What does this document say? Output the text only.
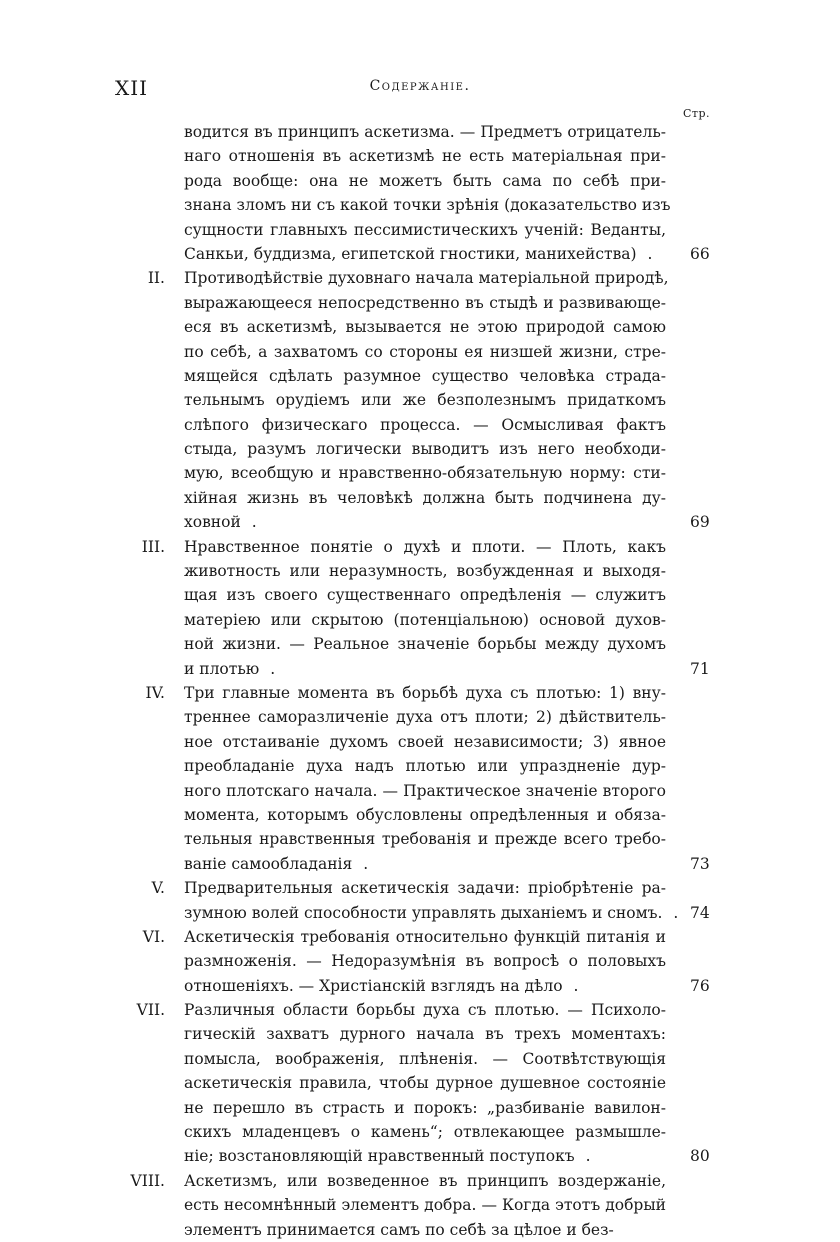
XII	Содержаніе.
Стр.
водится въ принципъ аскетизма. — Предметъ отрицатель-
наго отношенія въ аскетизмѣ не есть матеріальная при-
рода вообще: она не можетъ быть сама по себѣ при-
знана зломъ ни съ какой точки зрѣнія (доказательство изъ
сущности главныхъ пессимистическихъ ученій: Веданты,
Санкьи, буддизма, египетской гностики, манихейства) . 66
II.	Противодѣйствіе духовнаго начала матеріальной природѣ,
выражающееся непосредственно въ стыдѣ и развивающе-
еся въ аскетизмѣ, вызывается не этою природой самою
по себѣ, а захватомъ со стороны ея низшей жизни, стре-
мящейся сдѣлать разумное существо человѣка страда-
тельнымъ орудіемъ или же безполезнымъ придаткомъ
слѣпого физическаго процесса. — Осмысливая фактъ
стыда, разумъ логически выводитъ изъ него необходи-
мую, всеобщую и нравственно-обязательную норму: сти-
хійная жизнь въ человѣкѣ должна быть подчинена ду-
ховной .	69
III.	Нравственное понятіе о духѣ и плоти. — Плоть, какъ
животность или неразумность, возбужденная и выходя-
щая изъ своего существеннаго опредѣленія — служитъ
матеріею или скрытою (потенціальною) основой духов-
ной жизни. — Реальное значеніе борьбы между духомъ
и плотью .	71
IV.	Три главные момента въ борьбѣ духа съ плотью: 1) вну-
треннее саморазличеніе духа отъ плоти; 2) дѣйствитель-
ное отстаиваніе духомъ своей независимости; 3) явное
преобладаніе духа надъ плотью или упраздненіе дур-
ного плотскаго начала. — Практическое значеніе второго
момента, которымъ обусловлены опредѣленныя и обяза-
тельныя нравственныя требованія и прежде всего требо-
ваніе самообладанія .	73
V.	Предварительныя аскетическія задачи: пріобрѣтеніе ра-
зумною волей способности управлять дыханіемъ и сномъ. . 74
VI.	Аскетическія требованія относительно функцій питанія и
размноженія. — Недоразумѣнія въ вопросѣ о половыхъ
отношеніяхъ. — Христіанскій взглядъ на дѣло .	76
VII.	Различныя области борьбы духа съ плотью. — Психоло-
гическій захватъ дурного начала въ трехъ моментахъ:
помысла, воображенія, плѣненія. — Соотвѣтствующія
аскетическія правила, чтобы дурное душевное состояніе
не перешло въ страсть и порокъ: „разбиваніе вавилон-
скихъ младенцевъ о камень“; отвлекающее размышле-
ніе; возстановляющій нравственный поступокъ .	80
VIII.	Аскетизмъ, или возведенное въ принципъ воздержаніе,
есть несомнѣнный элементъ добра. — Когда этотъ добрый
элементъ принимается самъ по себѣ за цѣлое и без-
